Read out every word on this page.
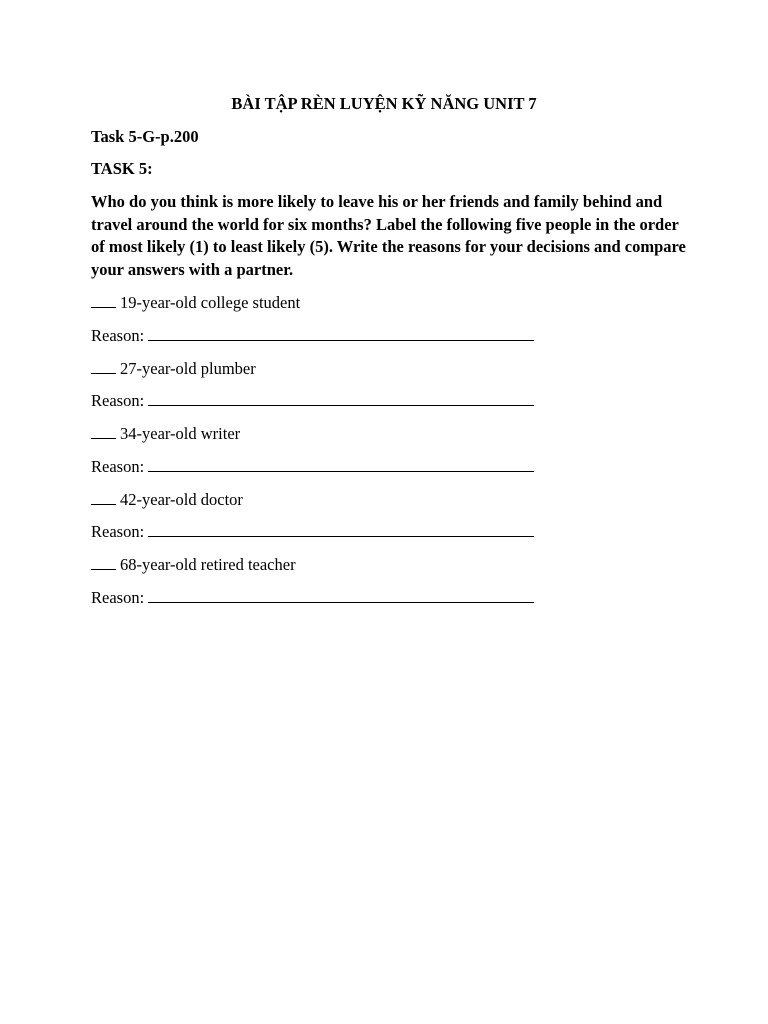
BÀI TẬP RÈN LUYỆN KỸ NĂNG UNIT 7
Task 5-G-p.200
TASK 5:
Who do you think is more likely to leave his or her friends and family behind and travel around the world for six months? Label the following five people in the order of most likely (1) to least likely (5). Write the reasons for your decisions and compare your answers with a partner.
19-year-old college student
Reason:
27-year-old plumber
Reason:
34-year-old writer
Reason:
42-year-old doctor
Reason:
68-year-old retired teacher
Reason:
